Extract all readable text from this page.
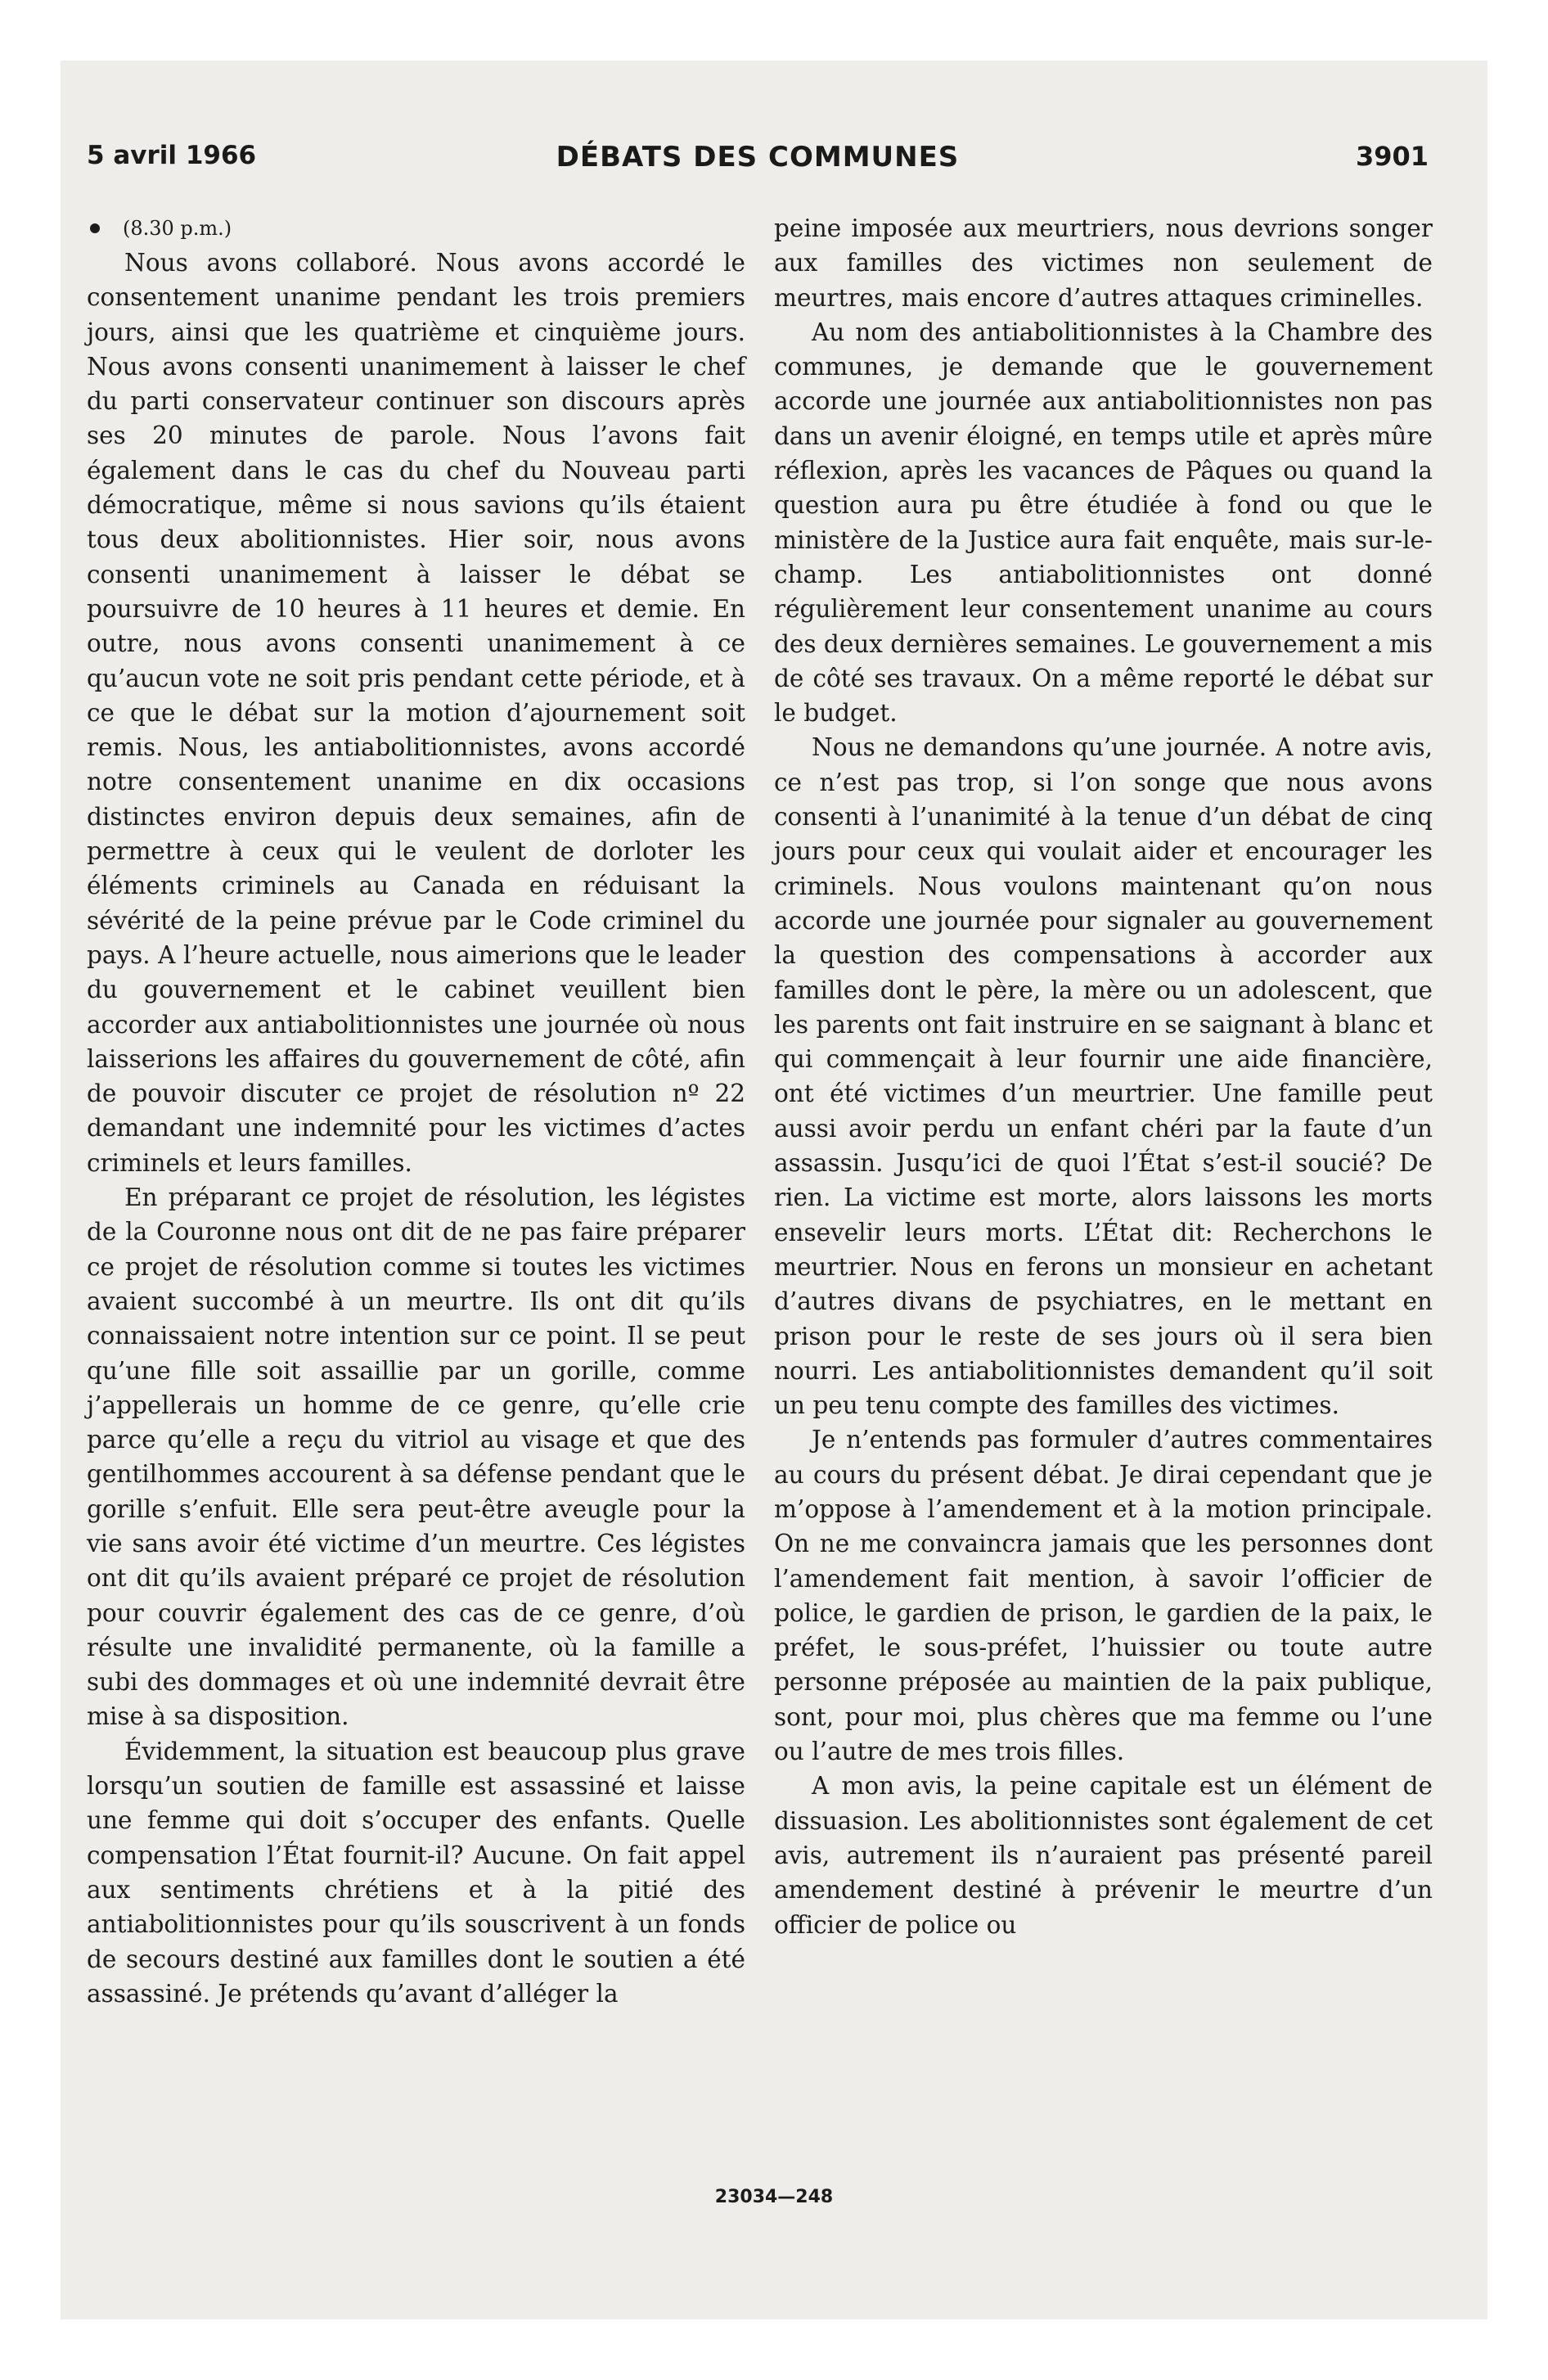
5 avril 1966	DÉBATS DES COMMUNES	3901

(8.30 p.m.)

Nous avons collaboré. Nous avons accordé le consentement unanime pendant les trois premiers jours, ainsi que les quatrième et cinquième jours. Nous avons consenti unanimement à laisser le chef du parti conservateur continuer son discours après ses 20 minutes de parole. Nous l’avons fait également dans le cas du chef du Nouveau parti démocratique, même si nous savions qu’ils étaient tous deux abolitionnistes. Hier soir, nous avons consenti unanimement à laisser le débat se poursuivre de 10 heures à 11 heures et demie. En outre, nous avons consenti unanimement à ce qu’aucun vote ne soit pris pendant cette période, et à ce que le débat sur la motion d’ajournement soit remis. Nous, les antiabolitionnistes, avons accordé notre consentement unanime en dix occasions distinctes environ depuis deux semaines, afin de permettre à ceux qui le veulent de dorloter les éléments criminels au Canada en réduisant la sévérité de la peine prévue par le Code criminel du pays. A l’heure actuelle, nous aimerions que le leader du gouvernement et le cabinet veuillent bien accorder aux antiabolitionnistes une journée où nous laisserions les affaires du gouvernement de côté, afin de pouvoir discuter ce projet de résolution nº 22 demandant une indemnité pour les victimes d’actes criminels et leurs familles.

En préparant ce projet de résolution, les légistes de la Couronne nous ont dit de ne pas faire préparer ce projet de résolution comme si toutes les victimes avaient succombé à un meurtre. Ils ont dit qu’ils connaissaient notre intention sur ce point. Il se peut qu’une fille soit assaillie par un gorille, comme j’appellerais un homme de ce genre, qu’elle crie parce qu’elle a reçu du vitriol au visage et que des gentilhommes accourent à sa défense pendant que le gorille s’enfuit. Elle sera peut-être aveugle pour la vie sans avoir été victime d’un meurtre. Ces légistes ont dit qu’ils avaient préparé ce projet de résolution pour couvrir également des cas de ce genre, d’où résulte une invalidité permanente, où la famille a subi des dommages et où une indemnité devrait être mise à sa disposition.

Évidemment, la situation est beaucoup plus grave lorsqu’un soutien de famille est assassiné et laisse une femme qui doit s’occuper des enfants. Quelle compensation l’État fournit-il? Aucune. On fait appel aux sentiments chrétiens et à la pitié des antiabolitionnistes pour qu’ils souscrivent à un fonds de secours destiné aux familles dont le soutien a été assassiné. Je prétends qu’avant d’alléger la

peine imposée aux meurtriers, nous devrions songer aux familles des victimes non seulement de meurtres, mais encore d’autres attaques criminelles.

Au nom des antiabolitionnistes à la Chambre des communes, je demande que le gouvernement accorde une journée aux antiabolitionnistes non pas dans un avenir éloigné, en temps utile et après mûre réflexion, après les vacances de Pâques ou quand la question aura pu être étudiée à fond ou que le ministère de la Justice aura fait enquête, mais sur-le-champ. Les antiabolitionnistes ont donné régulièrement leur consentement unanime au cours des deux dernières semaines. Le gouvernement a mis de côté ses travaux. On a même reporté le débat sur le budget.

Nous ne demandons qu’une journée. A notre avis, ce n’est pas trop, si l’on songe que nous avons consenti à l’unanimité à la tenue d’un débat de cinq jours pour ceux qui voulait aider et encourager les criminels. Nous voulons maintenant qu’on nous accorde une journée pour signaler au gouvernement la question des compensations à accorder aux familles dont le père, la mère ou un adolescent, que les parents ont fait instruire en se saignant à blanc et qui commençait à leur fournir une aide financière, ont été victimes d’un meurtrier. Une famille peut aussi avoir perdu un enfant chéri par la faute d’un assassin. Jusqu’ici de quoi l’État s’est-il soucié? De rien. La victime est morte, alors laissons les morts ensevelir leurs morts. L’État dit: Recherchons le meurtrier. Nous en ferons un monsieur en achetant d’autres divans de psychiatres, en le mettant en prison pour le reste de ses jours où il sera bien nourri. Les antiabolitionnistes demandent qu’il soit un peu tenu compte des familles des victimes.

Je n’entends pas formuler d’autres commentaires au cours du présent débat. Je dirai cependant que je m’oppose à l’amendement et à la motion principale. On ne me convaincra jamais que les personnes dont l’amendement fait mention, à savoir l’officier de police, le gardien de prison, le gardien de la paix, le préfet, le sous-préfet, l’huissier ou toute autre personne préposée au maintien de la paix publique, sont, pour moi, plus chères que ma femme ou l’une ou l’autre de mes trois filles.

A mon avis, la peine capitale est un élément de dissuasion. Les abolitionnistes sont également de cet avis, autrement ils n’auraient pas présenté pareil amendement destiné à prévenir le meurtre d’un officier de police ou

23034—248
